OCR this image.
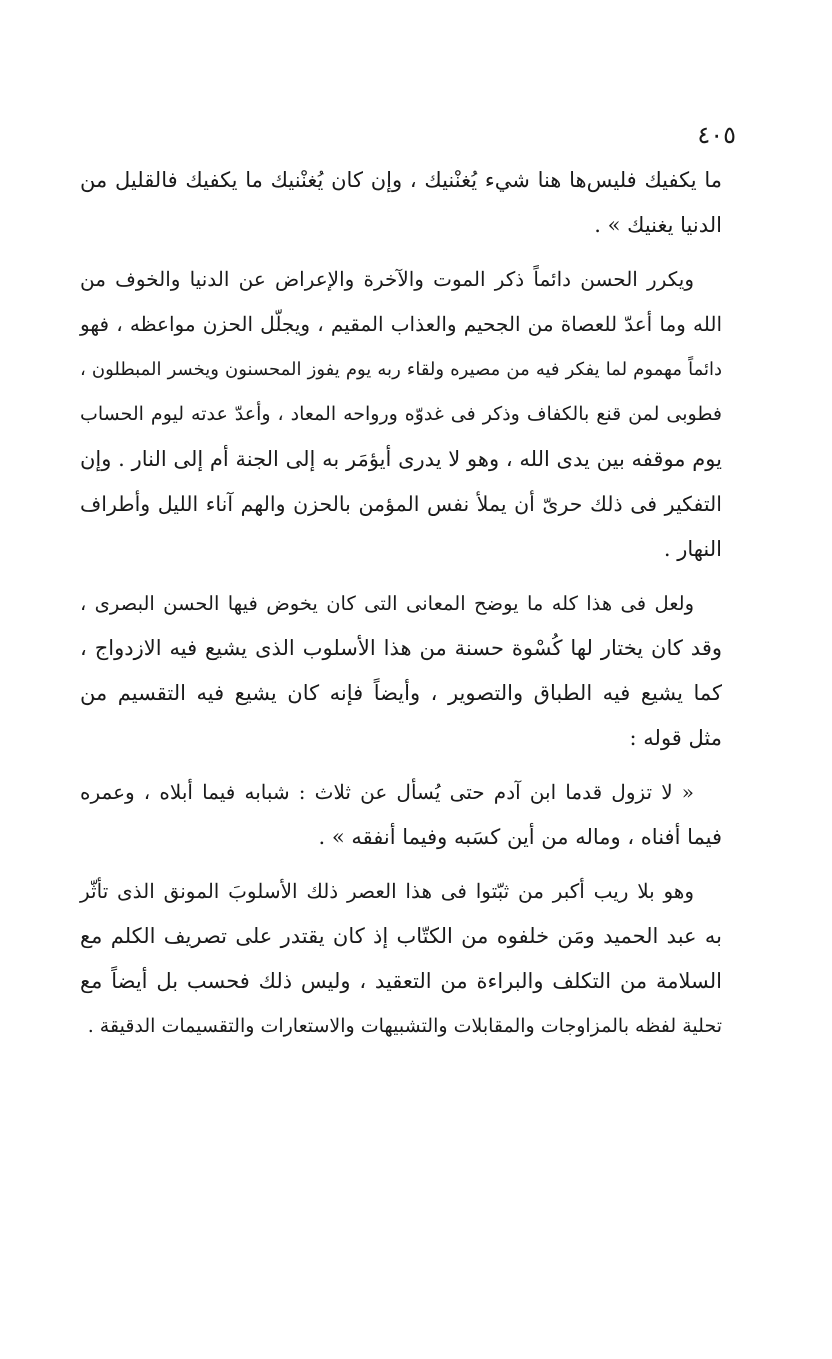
٤٠٥

ما يكفيك فليس‌ها هنا شيء يُغنْنيك ، وإن كان يُغنْنيك ما يكفيك فالقليل من
الدنيا يغنيك » .

ويكرر الحسن دائماً ذكر الموت والآخرة والإعراض عن الدنيا والخوف من
الله وما أعدّ للعصاة من الجحيم والعذاب المقيم ، ويجلّل الحزن مواعظه ، فهو
دائماً مهموم لما يفكر فيه من مصيره ولقاء ربه يوم يفوز المحسنون ويخسر المبطلون ،
فطوبى لمن قنع بالكفاف وذكر فى غدوّه ورواحه المعاد ، وأعدّ عدته ليوم الحساب
يوم موقفه بين يدى الله ، وهو لا يدرى أيؤمَر به إلى الجنة أم إلى النار . وإن
التفكير فى ذلك حرىّ أن يملأ نفس المؤمن بالحزن والهم آناء الليل وأطراف
النهار .

ولعل فى هذا كله ما يوضح المعانى التى كان يخوض فيها الحسن البصرى ،
وقد كان يختار لها كُسْوة حسنة من هذا الأسلوب الذى يشيع فيه الازدواج ،
كما يشيع فيه الطباق والتصوير ، وأيضاً فإنه كان يشيع فيه التقسيم من
مثل قوله :

« لا تزول قدما ابن آدم حتى يُسأل عن ثلاث : شبابه فيما أبلاه ، وعمره
فيما أفناه ، وماله من أين كسَبه وفيما أنفقه » .

وهو بلا ريب أكبر من ثبّتوا فى هذا العصر ذلك الأسلوبَ المونق الذى تأثّر
به عبد الحميد ومَن خلفوه من الكتّاب إذ كان يقتدر على تصريف الكلم مع
السلامة من التكلف والبراءة من التعقيد ، وليس ذلك فحسب بل أيضاً مع
تحلية لفظه بالمزاوجات والمقابلات والتشبيهات والاستعارات والتقسيمات الدقيقة .
